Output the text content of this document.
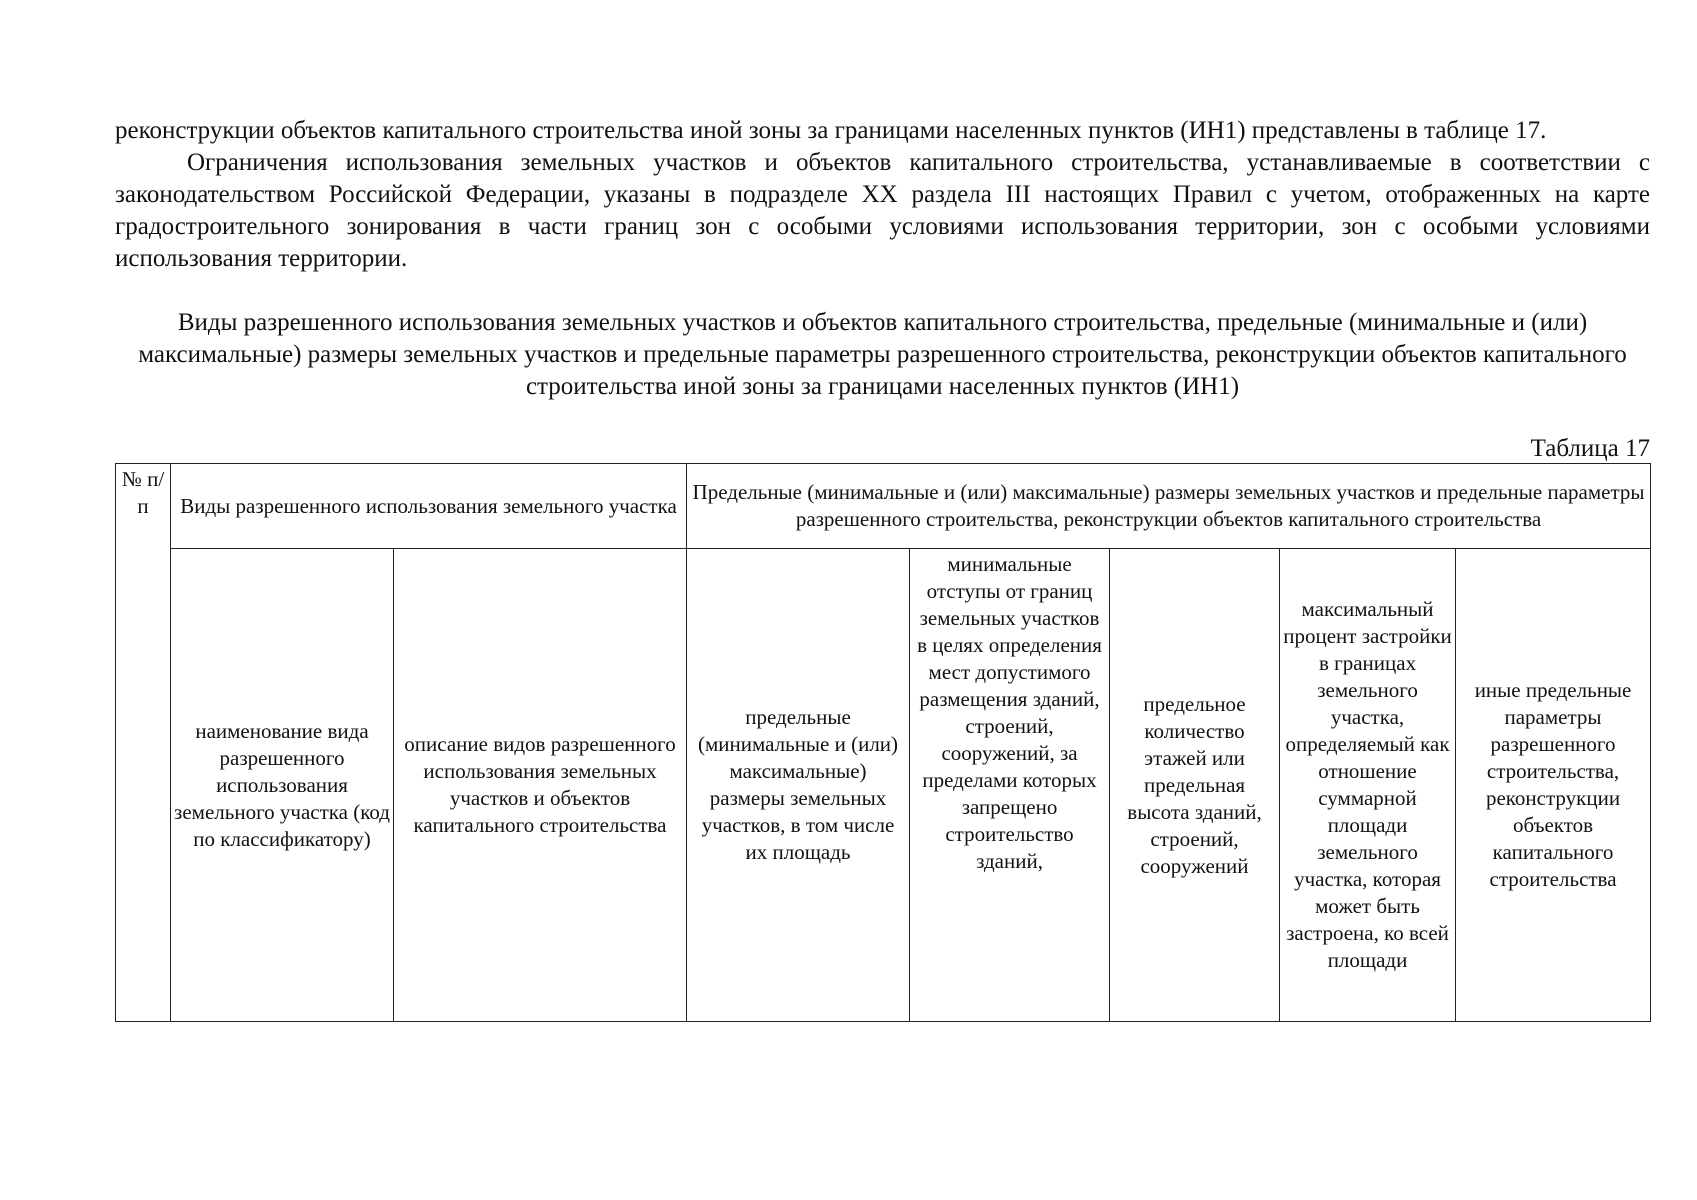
реконструкции объектов капитального строительства иной зоны за границами населенных пунктов (ИН1) представлены в таблице 17.

Ограничения использования земельных участков и объектов капитального строительства, устанавливаемые в соответствии с законодательством Российской Федерации, указаны в подразделе XX раздела III настоящих Правил с учетом, отображенных на карте градостроительного зонирования в части границ зон с особыми условиями использования территории, зон с особыми условиями использования территории.

Виды разрешенного использования земельных участков и объектов капитального строительства, предельные (минимальные и (или) максимальные) размеры земельных участков и предельные параметры разрешенного строительства, реконструкции объектов капитального строительства иной зоны за границами населенных пунктов (ИН1)

Таблица 17
№ п/п	Виды разрешенного использования земельного участка		Предельные (минимальные и (или) максимальные) размеры земельных участков и предельные параметры разрешенного строительства, реконструкции объектов капитального строительства				

	наименование вида разрешенного использования земельного участка (код по классификатору)	описание видов разрешенного использования земельных участков и объектов капитального строительства	предельные (минимальные и (или) максимальные) размеры земельных участков, в том числе их площадь	минимальные отступы от границ земельных участков в целях определения мест допустимого размещения зданий, строений, сооружений, за пределами которых запрещено строительство зданий,	предельное количество этажей или предельная высота зданий, строений, сооружений	максимальный процент застройки в границах земельного участка, определяемый как отношение суммарной площади земельного участка, которая может быть застроена, ко всей площади	иные предельные параметры разрешенного строительства, реконструкции объектов капитального строительства
